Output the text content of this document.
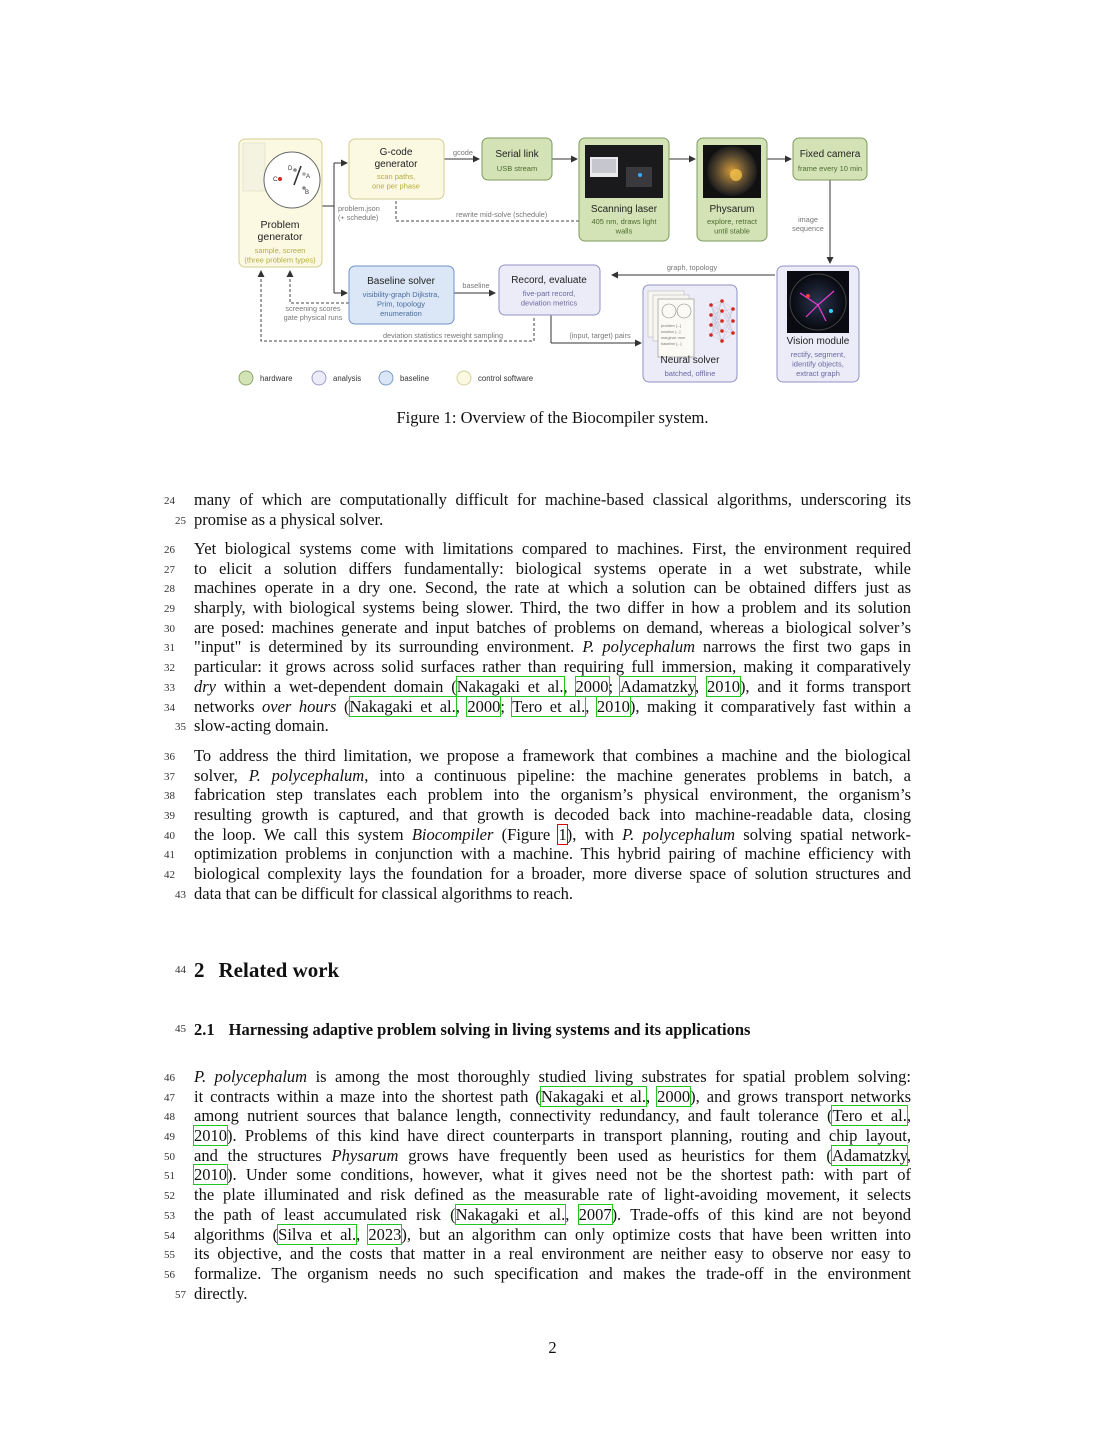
C
D
A
B
Problem generator
sample, screen (three problem types)
G-code generator
scan paths, one per phase
Serial link
USB stream
Scanning laser
405 nm, draws light walls
Physarum
explore, retract until stable
Fixed camera
frame every 10 min
Baseline solver
visibility-graph Dijkstra, Prim, topology enumeration
Record, evaluate
five-part record, deviation metrics
problem [...]
solution [...]
marginal: rmm
baseline [...]
Neural solver
batched, offline
Vision module
rectify, segment, identify objects, extract graph
gcode
problem.json (+ schedule)	rewrite mid-solve (schedule)
image sequence
graph, topology
baseline
screening scores gate physical runs
deviation statistics reweight sampling	(input, target) pairs
hardware	analysis	baseline	control software
Figure 1: Overview of the Biocompiler system.
24	many of which are computationally difficult for machine-based classical algorithms, underscoring its
25 promise as a physical solver.
26	Yet biological systems come with limitations compared to machines. First, the environment required
27	to elicit a solution differs fundamentally: biological systems operate in a wet substrate, while
28	machines operate in a dry one. Second, the rate at which a solution can be obtained differs just as
29	sharply, with biological systems being slower. Third, the two differ in how a problem and its solution
30	are posed: machines generate and input batches of problems on demand, whereas a biological solver’s
31	"input" is determined by its surrounding environment. P. polycephalum narrows the first two gaps in
32	particular: it grows across solid surfaces rather than requiring full immersion, making it comparatively
33	dry within a wet-dependent domain (Nakagaki et al., 2000; Adamatzky, 2010), and it forms transport
34	networks over hours (Nakagaki et al., 2000; Tero et al., 2010), making it comparatively fast within a
35 slow-acting domain.
36	To address the third limitation, we propose a framework that combines a machine and the biological
37	solver, P. polycephalum, into a continuous pipeline: the machine generates problems in batch, a
38	fabrication step translates each problem into the organism’s physical environment, the organism’s
39	resulting growth is captured, and that growth is decoded back into machine-readable data, closing
40	the loop. We call this system Biocompiler (Figure 1), with P. polycephalum solving spatial network-
41	optimization problems in conjunction with a machine. This hybrid pairing of machine efficiency with
42	biological complexity lays the foundation for a broader, more diverse space of solution structures and
43 data that can be difficult for classical algorithms to reach.
44 2 Related work
45 2.1 Harnessing adaptive problem solving in living systems and its applications
46	P. polycephalum is among the most thoroughly studied living substrates for spatial problem solving:
47	it contracts within a maze into the shortest path (Nakagaki et al., 2000), and grows transport networks
48	among nutrient sources that balance length, connectivity redundancy, and fault tolerance (Tero et al.,
49	2010). Problems of this kind have direct counterparts in transport planning, routing and chip layout,
50	and the structures Physarum grows have frequently been used as heuristics for them (Adamatzky,
51	2010). Under some conditions, however, what it gives need not be the shortest path: with part of
52	the plate illuminated and risk defined as the measurable rate of light-avoiding movement, it selects
53	the path of least accumulated risk (Nakagaki et al., 2007). Trade-offs of this kind are not beyond
54	algorithms (Silva et al., 2023), but an algorithm can only optimize costs that have been written into
55	its objective, and the costs that matter in a real environment are neither easy to observe nor easy to
56	formalize. The organism needs no such specification and makes the trade-off in the environment
57 directly.
2
